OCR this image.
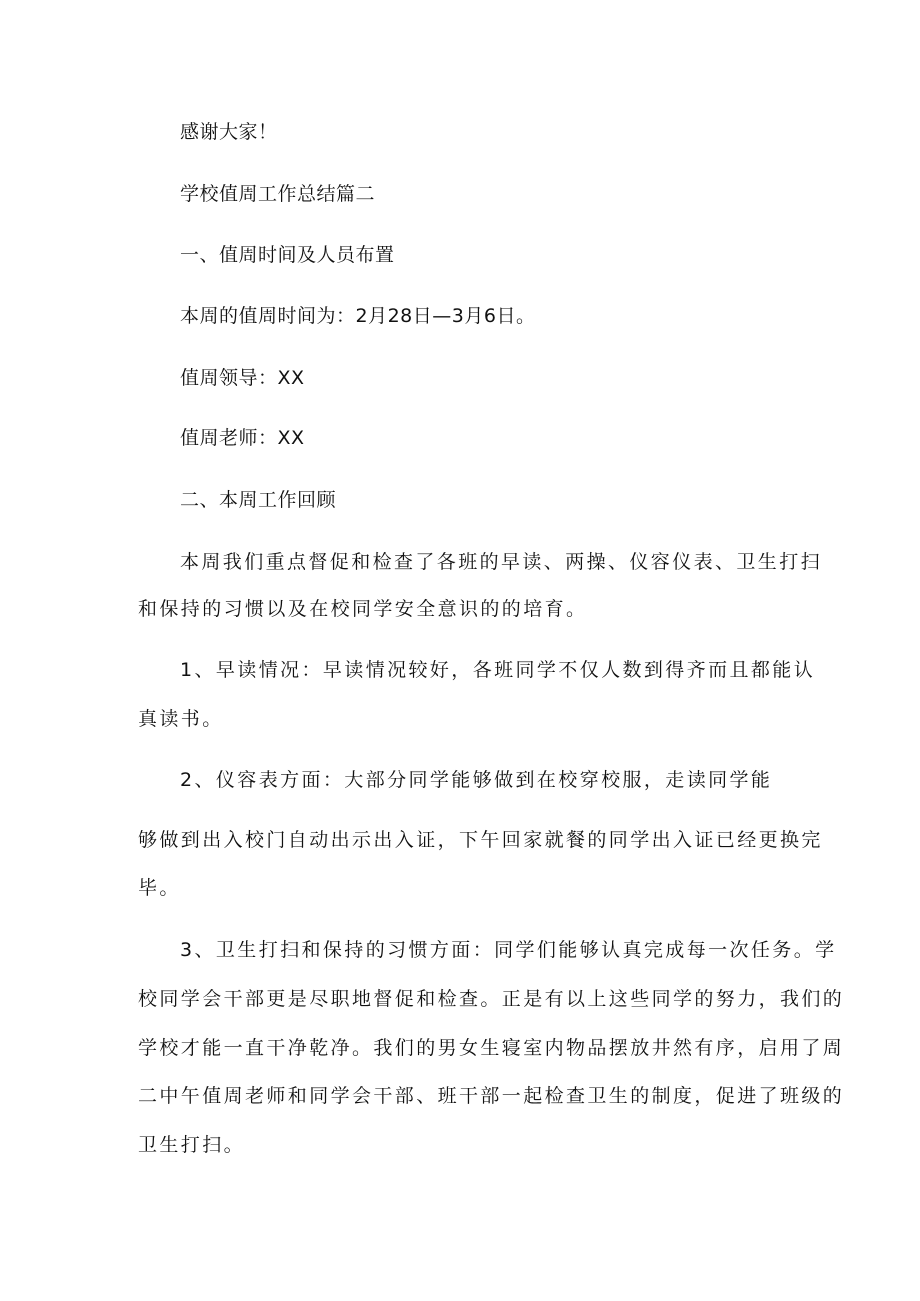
感谢大家！
学校值周工作总结篇二
一、值周时间及人员布置
本周的值周时间为：2月28日—3月6日。
值周领导：XX
值周老师：XX
二、本周工作回顾
本周我们重点督促和检查了各班的早读、两操、仪容仪表、卫生打扫
和保持的习惯以及在校同学安全意识的的培育。
1、早读情况：早读情况较好，各班同学不仅人数到得齐而且都能认
真读书。
2、仪容表方面：大部分同学能够做到在校穿校服，走读同学能
够做到出入校门自动出示出入证，下午回家就餐的同学出入证已经更换完
毕。
3、卫生打扫和保持的习惯方面：同学们能够认真完成每一次任务。学
校同学会干部更是尽职地督促和检查。正是有以上这些同学的努力，我们的
学校才能一直干净乾净。我们的男女生寝室内物品摆放井然有序，启用了周
二中午值周老师和同学会干部、班干部一起检查卫生的制度，促进了班级的
卫生打扫。
